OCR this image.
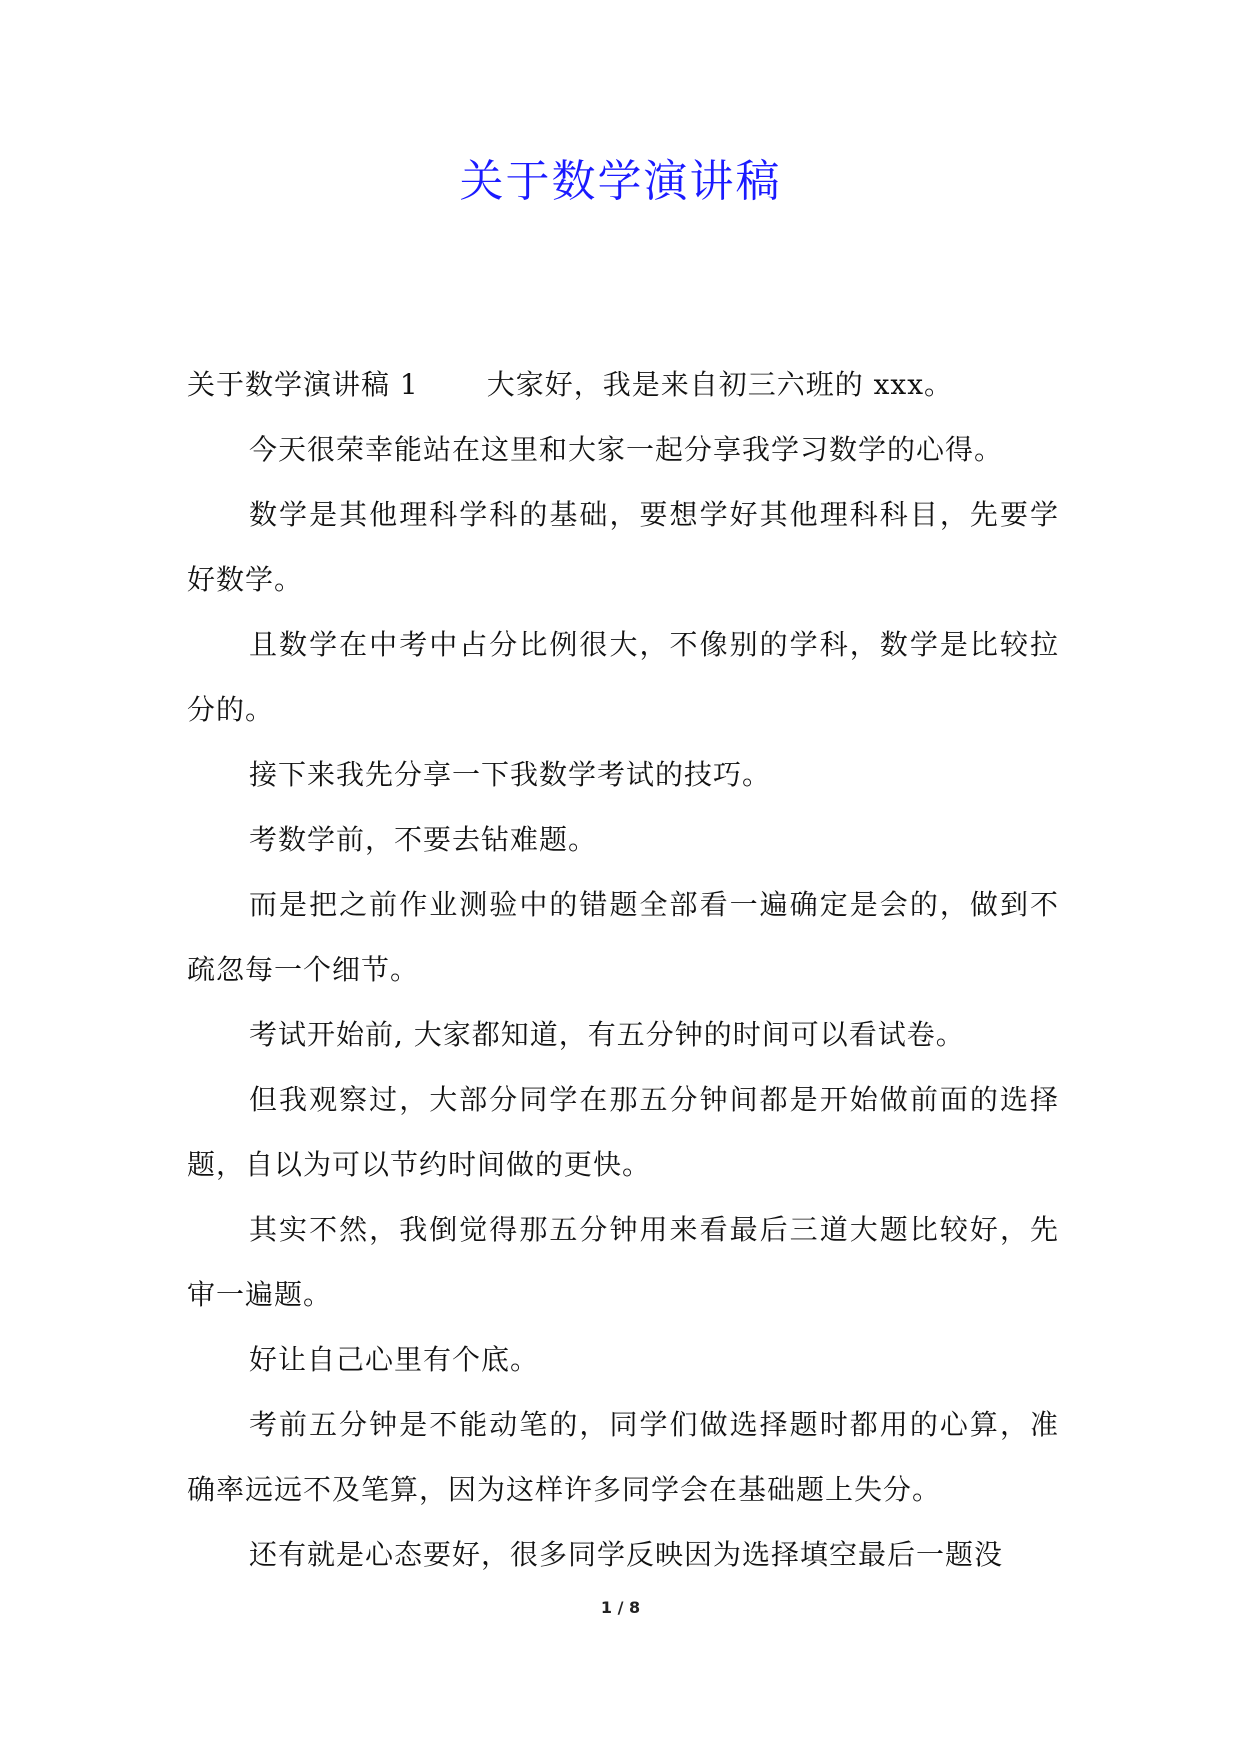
关于数学演讲稿

关于数学演讲稿 1 大家好，我是来自初三六班的 xxx。

今天很荣幸能站在这里和大家一起分享我学习数学的心得。

数学是其他理科学科的基础，要想学好其他理科科目，先要学好数学。

且数学在中考中占分比例很大，不像别的学科，数学是比较拉分的。

接下来我先分享一下我数学考试的技巧。

考数学前，不要去钻难题。

而是把之前作业测验中的错题全部看一遍确定是会的，做到不疏忽每一个细节。

考试开始前, 大家都知道，有五分钟的时间可以看试卷。

但我观察过，大部分同学在那五分钟间都是开始做前面的选择题，自以为可以节约时间做的更快。

其实不然，我倒觉得那五分钟用来看最后三道大题比较好，先审一遍题。

好让自己心里有个底。

考前五分钟是不能动笔的，同学们做选择题时都用的心算，准确率远远不及笔算，因为这样许多同学会在基础题上失分。

还有就是心态要好，很多同学反映因为选择填空最后一题没

1 / 8
